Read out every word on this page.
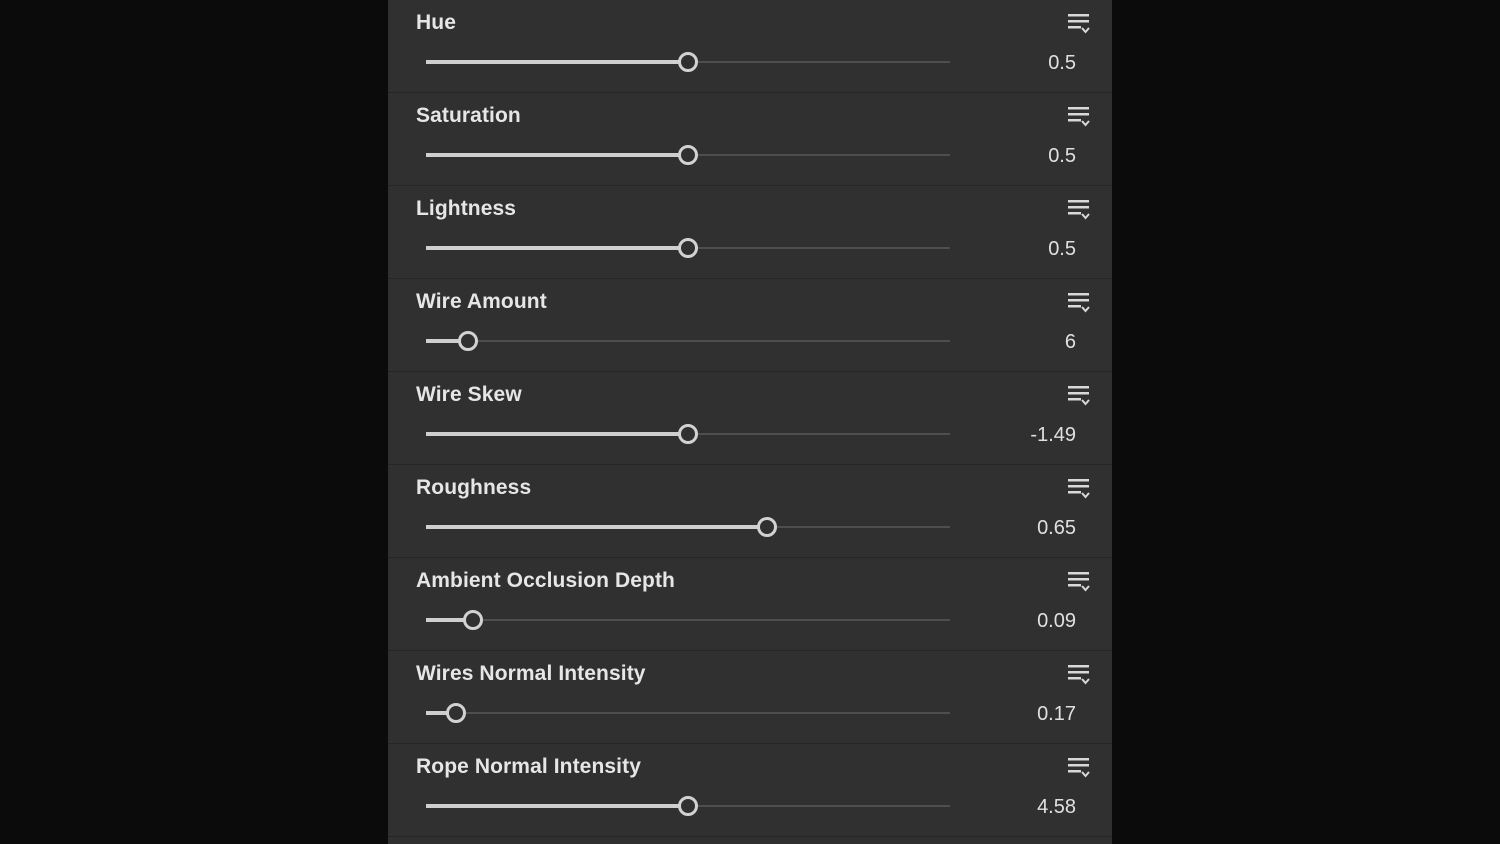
Hue
0.5
Saturation
0.5
Lightness
0.5
Wire Amount
6
Wire Skew
-1.49
Roughness
0.65
Ambient Occlusion Depth
0.09
Wires Normal Intensity
0.17
Rope Normal Intensity
4.58
